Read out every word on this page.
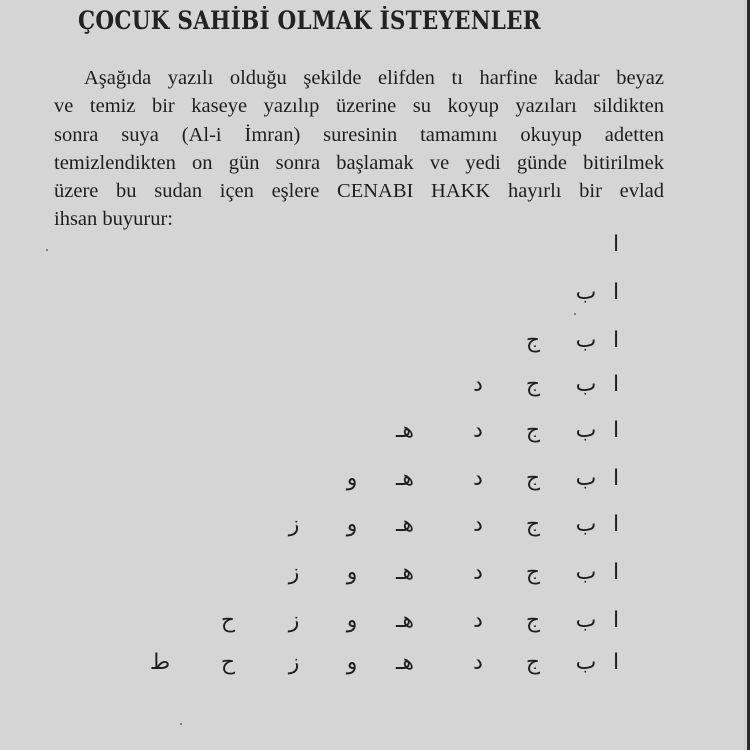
ÇOCUK SAHİBİ OLMAK İSTEYENLER
Aşağıda yazılı olduğu şekilde elifden tı harfine kadar beyaz
ve temiz bir kaseye yazılıp üzerine su koyup yazıları sildikten
sonra suya (Al-i İmran) suresinin tamamını okuyup adetten
temizlendikten on gün sonra başlamak ve yedi günde bitirilmek
üzere bu sudan içen eşlere CENABI HAKK hayırlı bir evlad
ihsan buyurur:
ا
ا
ب
ا
ب
ج
ا
ب
ج
د
ا
ب
ج
د
هـ
ا
ب
ج
د
هـ
و
ا
ب
ج
د
هـ
و
ز
ا
ب
ج
د
هـ
و
ز
ا
ب
ج
د
هـ
و
ز
ح
ا
ب
ج
د
هـ
و
ز
ح
ط
